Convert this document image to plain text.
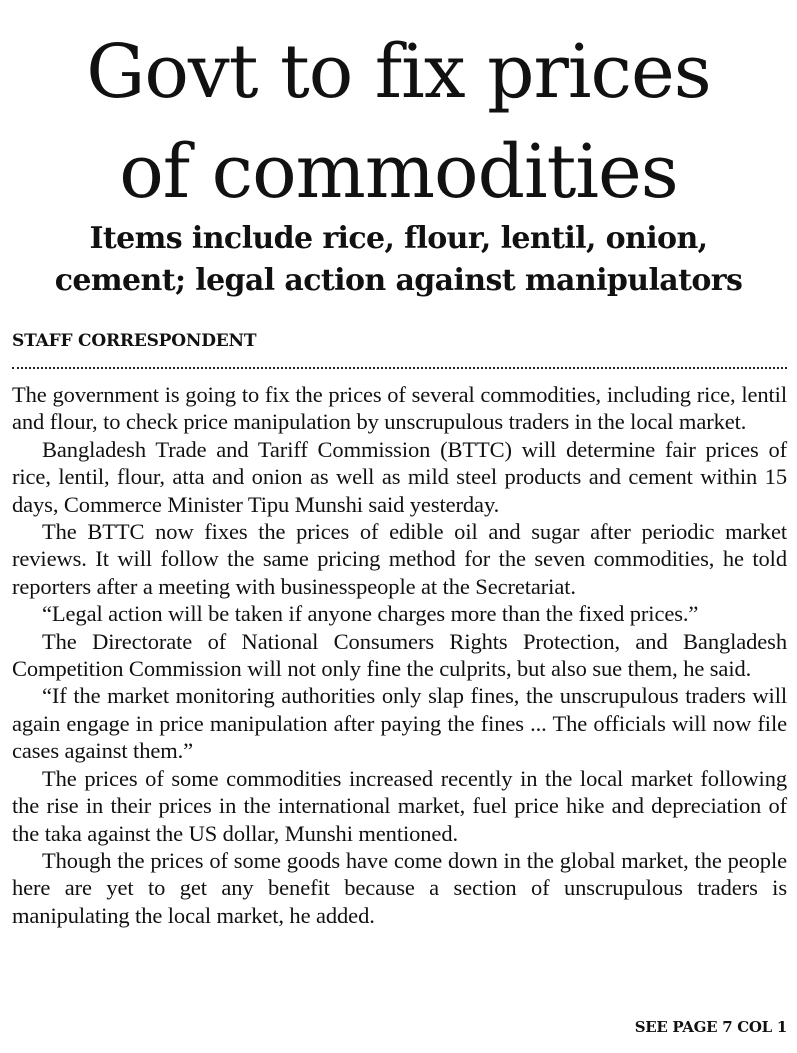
Govt to fix prices
of commodities
Items include rice, flour, lentil, onion,
cement; legal action against manipulators
STAFF CORRESPONDENT

The government is going to fix the prices of several commodities, including rice, lentil and flour, to check price manipulation by unscrupulous traders in the local market.

Bangladesh Trade and Tariff Commission (BTTC) will determine fair prices of rice, lentil, flour, atta and onion as well as mild steel products and cement within 15 days, Commerce Minister Tipu Munshi said yesterday.

The BTTC now fixes the prices of edible oil and sugar after periodic market reviews. It will follow the same pricing method for the seven commodities, he told reporters after a meeting with businesspeople at the Secretariat.

“Legal action will be taken if anyone charges more than the fixed prices.”

The Directorate of National Consumers Rights Protection, and Bangladesh Competition Commission will not only fine the culprits, but also sue them, he said.

“If the market monitoring authorities only slap fines, the unscrupulous traders will again engage in price manipulation after paying the fines ... The officials will now file cases against them.”

The prices of some commodities increased recently in the local market following the rise in their prices in the international market, fuel price hike and depreciation of the taka against the US dollar, Munshi mentioned.

Though the prices of some goods have come down in the global market, the people here are yet to get any benefit because a section of unscrupulous traders is manipulating the local market, he added.

SEE PAGE 7 COL 1
